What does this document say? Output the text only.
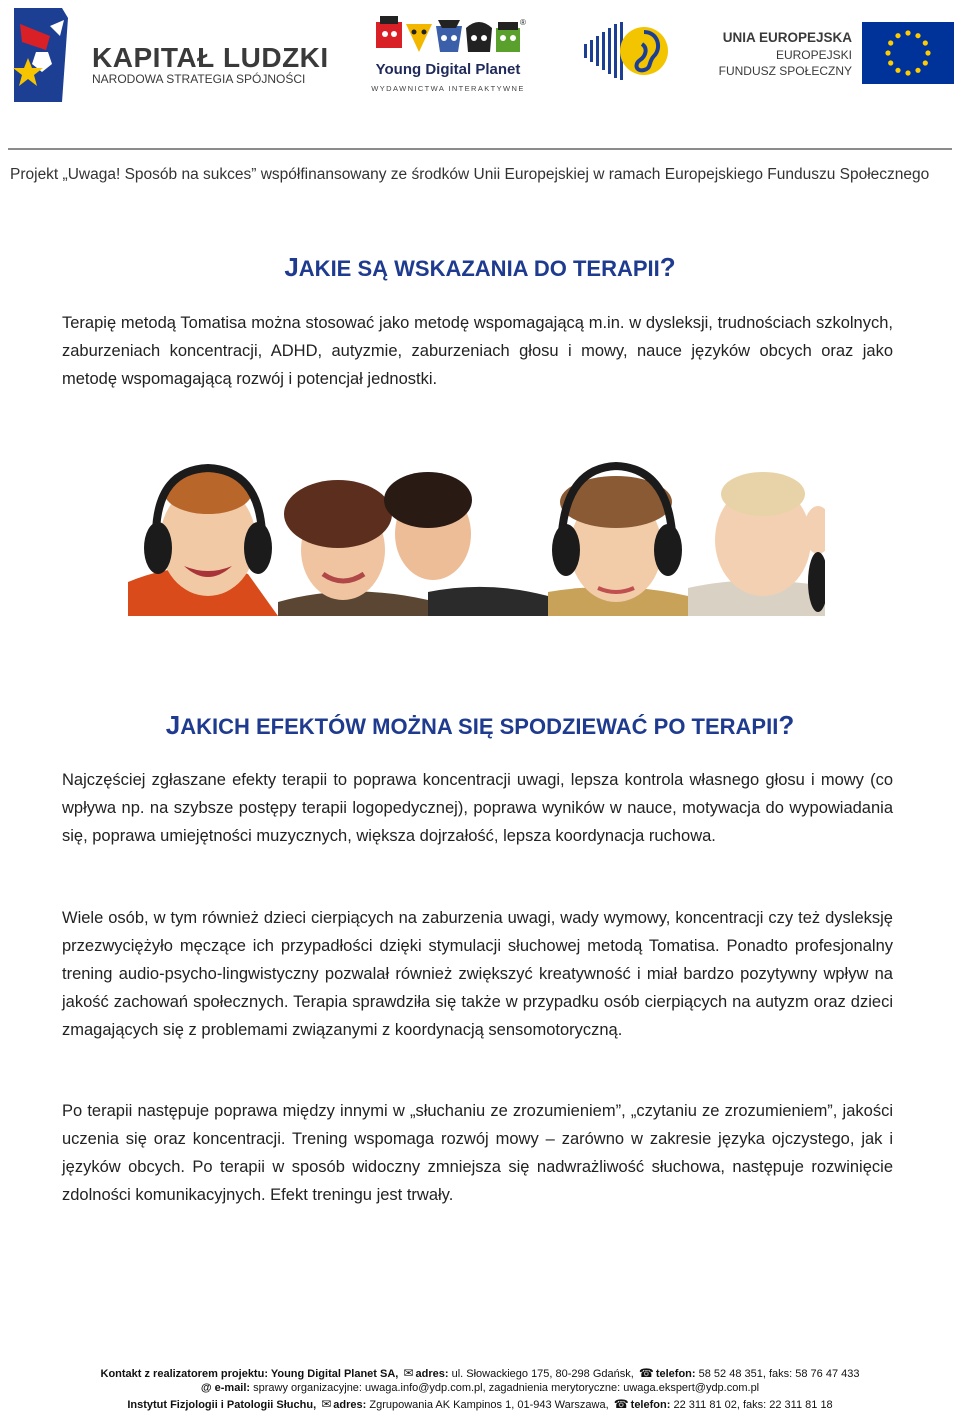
KAPITAŁ LUDZKI
NARODOWA STRATEGIA SPÓJNOŚCI
®
Young Digital Planet
WYDAWNICTWA INTERAKTYWNE
UNIA EUROPEJSKA
EUROPEJSKI
FUNDUSZ SPOŁECZNY
Projekt „Uwaga! Sposób na sukces” współfinansowany ze środków Unii Europejskiej w ramach Europejskiego Funduszu Społecznego
JAKIE SĄ WSKAZANIA DO TERAPII?
Terapię metodą Tomatisa można stosować jako metodę wspomagającą m.in. w dysleksji, trudnościach szkolnych, zaburzeniach koncentracji, ADHD, autyzmie, zaburzeniach głosu i mowy, nauce języków obcych oraz jako metodę wspomagającą rozwój i potencjał jednostki.
JAKICH EFEKTÓW MOŻNA SIĘ SPODZIEWAĆ PO TERAPII?
Najczęściej zgłaszane efekty terapii to poprawa koncentracji uwagi, lepsza kontrola własnego głosu i mowy (co wpływa np. na szybsze postępy terapii logopedycznej), poprawa wyników w nauce, motywacja do wypowiadania się, poprawa umiejętności muzycznych, większa dojrzałość, lepsza koordynacja ruchowa.
Wiele osób, w tym również dzieci cierpiących na zaburzenia uwagi, wady wymowy, koncentracji czy też dysleksję przezwyciężyło męczące ich przypadłości dzięki stymulacji słuchowej metodą Tomatisa. Ponadto profesjonalny trening audio-psycho-lingwistyczny pozwalał również zwiększyć kreatywność i miał bardzo pozytywny wpływ na jakość zachowań społecznych. Terapia sprawdziła się także w przypadku osób cierpiących na autyzm oraz dzieci zmagających się z problemami związanymi z koordynacją sensomotoryczną.
Po terapii następuje poprawa między innymi w „słuchaniu ze zrozumieniem”, „czytaniu ze zrozumieniem”, jakości uczenia się oraz koncentracji. Trening wspomaga rozwój mowy – zarówno w zakresie języka ojczystego, jak i języków obcych. Po terapii w sposób widoczny zmniejsza się nadwrażliwość słuchowa, następuje rozwinięcie zdolności komunikacyjnych. Efekt treningu jest trwały.
Kontakt z realizatorem projektu: Young Digital Planet SA, ✉ adres: ul. Słowackiego 175, 80-298 Gdańsk, ☎ telefon: 58 52 48 351, faks: 58 76 47 433
@ e-mail: sprawy organizacyjne: uwaga.info@ydp.com.pl, zagadnienia merytoryczne: uwaga.ekspert@ydp.com.pl
Instytut Fizjologii i Patologii Słuchu, ✉ adres: Zgrupowania AK Kampinos 1, 01-943 Warszawa, ☎ telefon: 22 311 81 02, faks: 22 311 81 18
